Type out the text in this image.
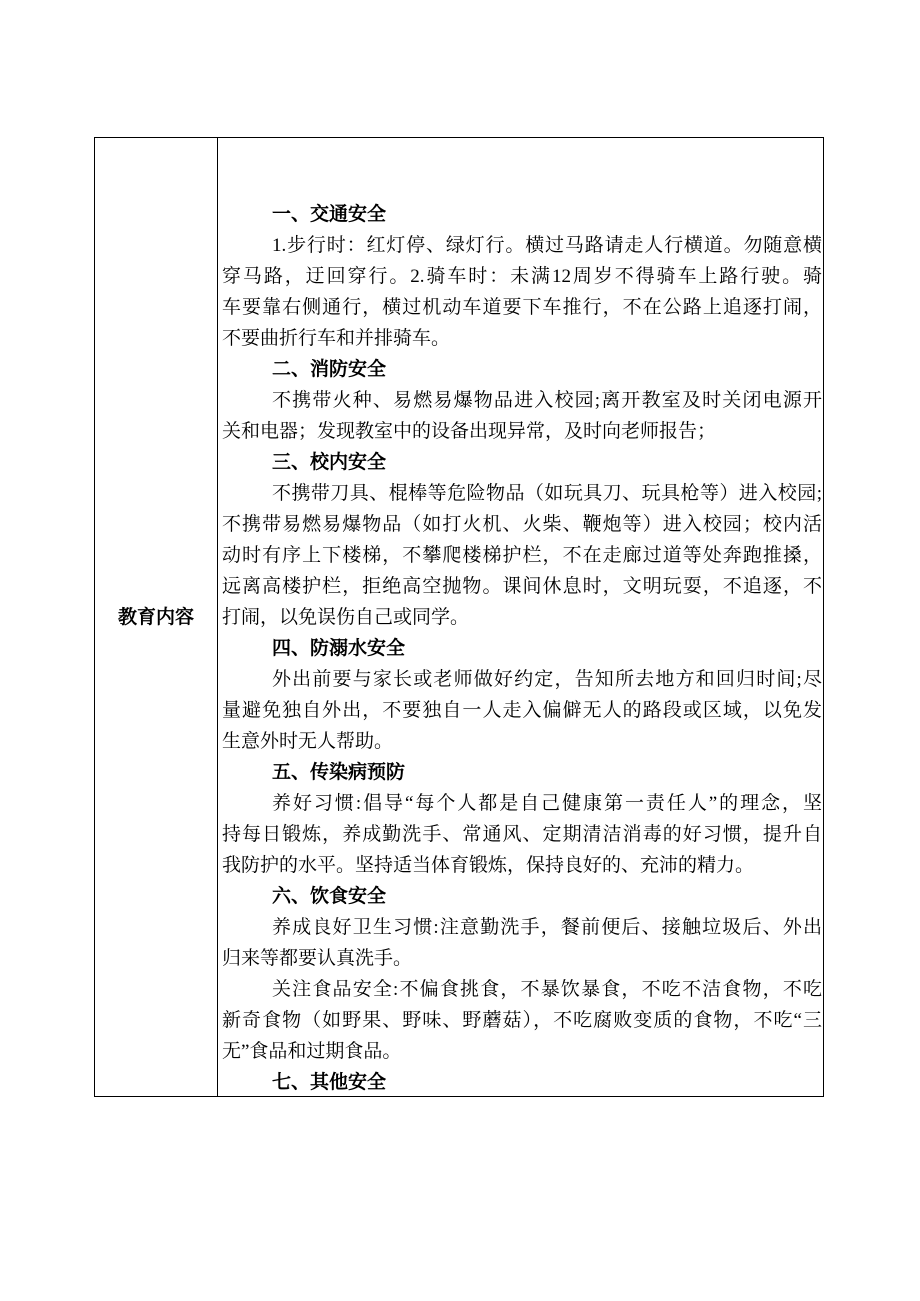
教育内容
一、交通安全
1.步行时：红灯停、绿灯行。横过马路请走人行横道。勿随意横
穿马路，迂回穿行。2.骑车时：未满12周岁不得骑车上路行驶。骑
车要靠右侧通行，横过机动车道要下车推行，不在公路上追逐打闹，
不要曲折行车和并排骑车。
二、消防安全
不携带火种、易燃易爆物品进入校园;离开教室及时关闭电源开
关和电器；发现教室中的设备出现异常，及时向老师报告；
三、校内安全
不携带刀具、棍棒等危险物品（如玩具刀、玩具枪等）进入校园;
不携带易燃易爆物品（如打火机、火柴、鞭炮等）进入校园；校内活
动时有序上下楼梯，不攀爬楼梯护栏，不在走廊过道等处奔跑推搡，
远离高楼护栏，拒绝高空抛物。课间休息时，文明玩耍，不追逐，不
打闹，以免误伤自己或同学。
四、防溺水安全
外出前要与家长或老师做好约定，告知所去地方和回归时间;尽
量避免独自外出，不要独自一人走入偏僻无人的路段或区域，以免发
生意外时无人帮助。
五、传染病预防
养好习惯:倡导“每个人都是自己健康第一责任人”的理念，坚
持每日锻炼，养成勤洗手、常通风、定期清洁消毒的好习惯，提升自
我防护的水平。坚持适当体育锻炼，保持良好的、充沛的精力。
六、饮食安全
养成良好卫生习惯:注意勤洗手，餐前便后、接触垃圾后、外出
归来等都要认真洗手。
关注食品安全:不偏食挑食，不暴饮暴食，不吃不洁食物，不吃
新奇食物（如野果、野味、野蘑菇），不吃腐败变质的食物，不吃“三
无”食品和过期食品。
七、其他安全
